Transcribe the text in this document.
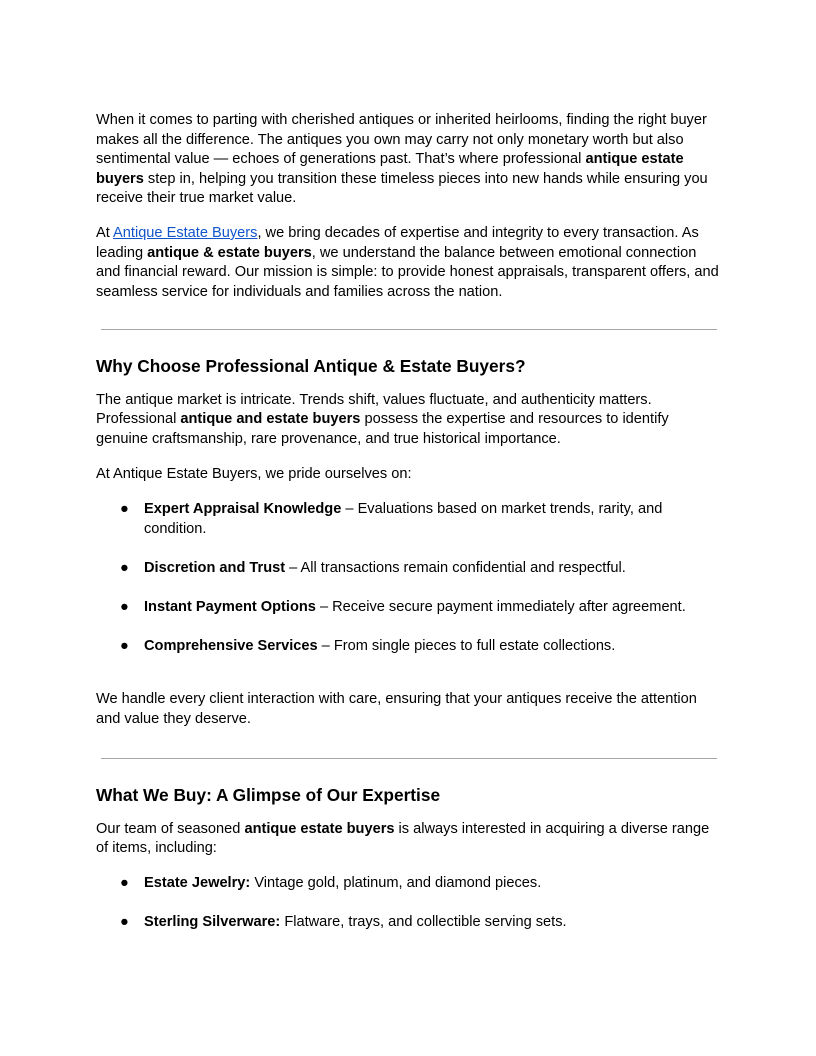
When it comes to parting with cherished antiques or inherited heirlooms, finding the right buyer makes all the difference. The antiques you own may carry not only monetary worth but also sentimental value — echoes of generations past. That’s where professional antique estate buyers step in, helping you transition these timeless pieces into new hands while ensuring you receive their true market value.

At Antique Estate Buyers, we bring decades of expertise and integrity to every transaction. As leading antique & estate buyers, we understand the balance between emotional connection and financial reward. Our mission is simple: to provide honest appraisals, transparent offers, and seamless service for individuals and families across the nation.

Why Choose Professional Antique & Estate Buyers?

The antique market is intricate. Trends shift, values fluctuate, and authenticity matters. Professional antique and estate buyers possess the expertise and resources to identify genuine craftsmanship, rare provenance, and true historical importance.

At Antique Estate Buyers, we pride ourselves on:

● Expert Appraisal Knowledge – Evaluations based on market trends, rarity, and condition.
● Discretion and Trust – All transactions remain confidential and respectful.
● Instant Payment Options – Receive secure payment immediately after agreement.
● Comprehensive Services – From single pieces to full estate collections.

We handle every client interaction with care, ensuring that your antiques receive the attention and value they deserve.

What We Buy: A Glimpse of Our Expertise

Our team of seasoned antique estate buyers is always interested in acquiring a diverse range of items, including:

● Estate Jewelry: Vintage gold, platinum, and diamond pieces.
● Sterling Silverware: Flatware, trays, and collectible serving sets.
